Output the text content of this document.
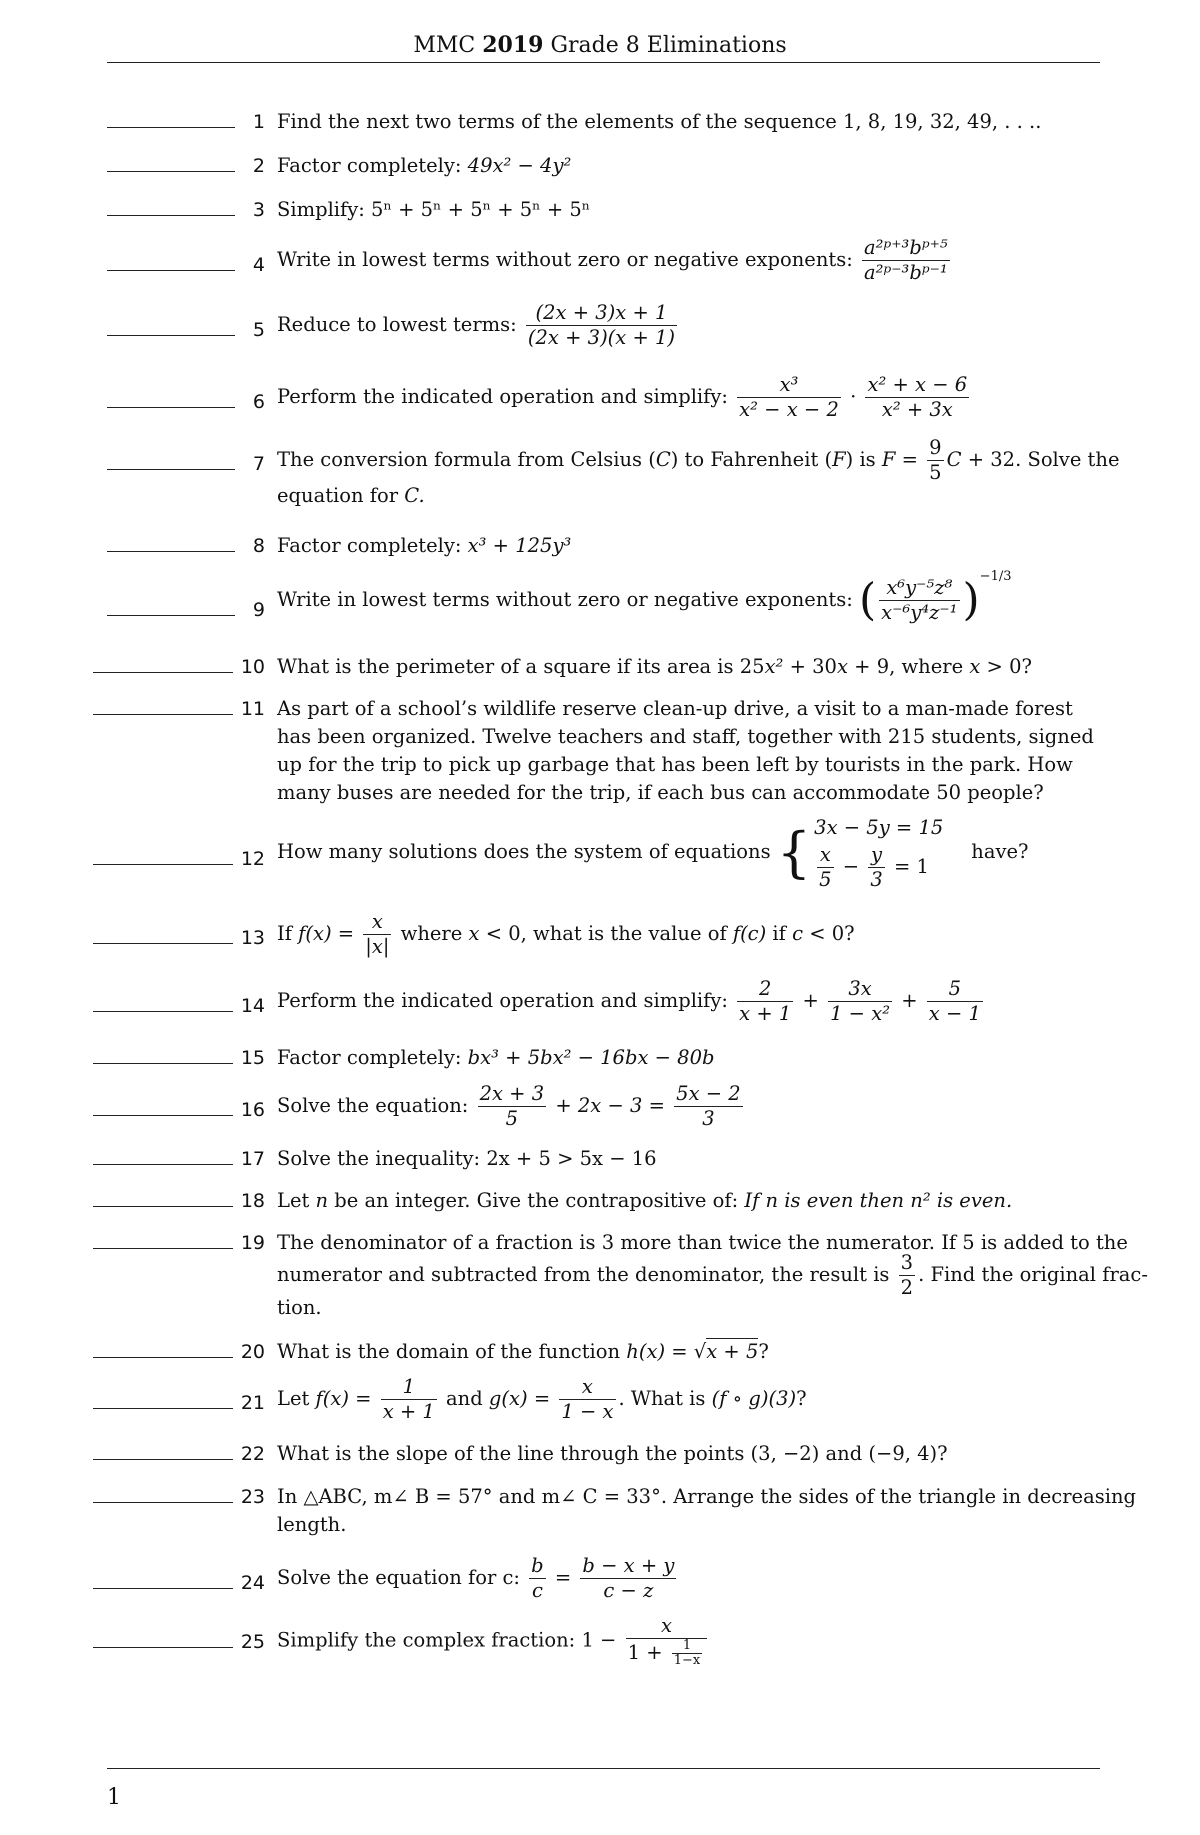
MMC 2019 Grade 8 Eliminations
1 Find the next two terms of the elements of the sequence 1, 8, 19, 32, 49, . . ..
2 Factor completely: 49x² − 4y²
3 Simplify: 5ⁿ + 5ⁿ + 5ⁿ + 5ⁿ + 5ⁿ
4 Write in lowest terms without zero or negative exponents: $\frac{\text{a²ᵖ⁺³bᵖ⁺⁵}}{\text{a²ᵖ⁻³bᵖ⁻¹}}$
5 Reduce to lowest terms: $\frac{(2x + 3)x + 1}{(2x + 3)(x + 1)}$
6 Perform the indicated operation and simplify: $\frac{\text{x³}}{\text{x² − x − 2}} \cdot \frac{\text{x² + x − 6}}{\text{x² + 3x}}$
7 The conversion formula from Celsius (C) to Fahrenheit (F) is $F = \frac{9}{5}$ C + 32. Solve the
equation for C.
8 Factor completely: x³ + 125y³
9 Write in lowest terms without zero or negative exponents: ( $\frac{\text{x⁶y⁻⁵z⁸}}{\text{x⁻⁶y⁴z⁻¹}} )^{-1/3}$
10 What is the perimeter of a square if its area is 25x² + 30x + 9, where x > 0?
11 As part of a school’s wildlife reserve clean-up drive, a visit to a man-made forest has been organized. Twelve teachers and staff, together with 215 students, signed up for the trip to pick up garbage that has been left by tourists in the park. How many buses are needed for the trip, if each bus can accommodate 50 people?
12 How many solutions does the system of equations { 3x − 5y = 15
$\frac{x}{5} - \frac{y}{3} = 1$
have?
13 If $f(x) = \frac{x}{|x|}$ where x < 0, what is the value of f(c) if c < 0?
14 Perform the indicated operation and simplify: $\frac{2}{x + 1} + \frac{3x}{\text{1 − x²}} + \frac{5}{x - 1}$
15 Factor completely: bx³ + 5bx² − 16bx − 80b
16 Solve the equation: $\frac{2x + 3}{5} + 2x - 3 = \frac{5x - 2}{3}$
17 Solve the inequality: 2x + 5 > 5x − 16
18 Let n be an integer. Give the contrapositive of: If n is even then n² is even.
19 The denominator of a fraction is 3 more than twice the numerator. If 5 is added to the
numerator and subtracted from the denominator, the result is $\frac{3}{2}$ . Find the original frac-
tion.
20 What is the domain of the function h(x) = √x + 5?
21 Let $f(x) = \frac{1}{x + 1}$ and $g(x) = \frac{x}{1 - x}$ . What is (f ∘ g)(3)?
22 What is the slope of the line through the points (3, −2) and (−9, 4)?
23 In △ABC, m∠ B = 57° and m∠ C = 33°. Arrange the sides of the triangle in decreasing
length.
24 Solve the equation for c: $\frac{b}{c} = \frac{b - x + y}{c - z}$
25 Simplify the complex fraction: $1 - \frac{x}{1 + \frac{1}{1-x}}$
1
